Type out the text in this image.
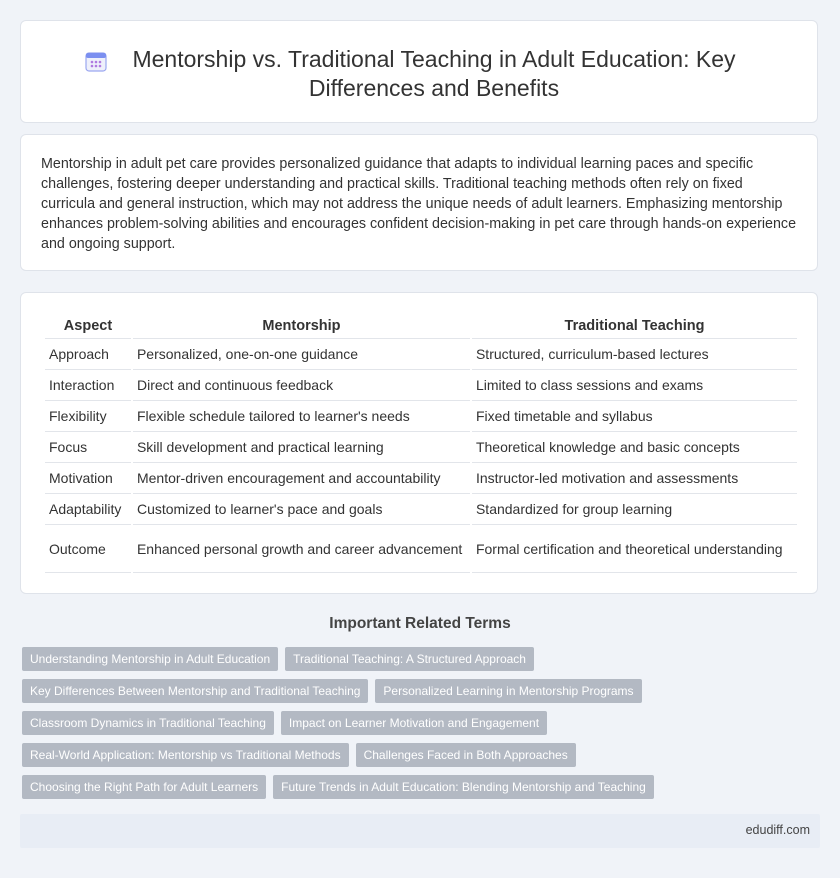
Mentorship vs. Traditional Teaching in Adult Education: Key Differences and Benefits

Mentorship in adult pet care provides personalized guidance that adapts to individual learning paces and specific challenges, fostering deeper understanding and practical skills. Traditional teaching methods often rely on fixed curricula and general instruction, which may not address the unique needs of adult learners. Emphasizing mentorship enhances problem-solving abilities and encourages confident decision-making in pet care through hands-on experience and ongoing support.

Aspect	Mentorship	Traditional Teaching
Approach	Personalized, one-on-one guidance	Structured, curriculum-based lectures
Interaction	Direct and continuous feedback	Limited to class sessions and exams
Flexibility	Flexible schedule tailored to learner's needs	Fixed timetable and syllabus
Focus	Skill development and practical learning	Theoretical knowledge and basic concepts
Motivation	Mentor-driven encouragement and accountability	Instructor-led motivation and assessments
Adaptability	Customized to learner's pace and goals	Standardized for group learning
Outcome	Enhanced personal growth and career advancement	Formal certification and theoretical understanding
Important Related Terms
Understanding Mentorship in Adult Education	Traditional Teaching: A Structured Approach
Key Differences Between Mentorship and Traditional Teaching	Personalized Learning in Mentorship Programs
Classroom Dynamics in Traditional Teaching	Impact on Learner Motivation and Engagement
Real-World Application: Mentorship vs Traditional Methods	Challenges Faced in Both Approaches
Choosing the Right Path for Adult Learners	Future Trends in Adult Education: Blending Mentorship and Teaching
edudiff.com
